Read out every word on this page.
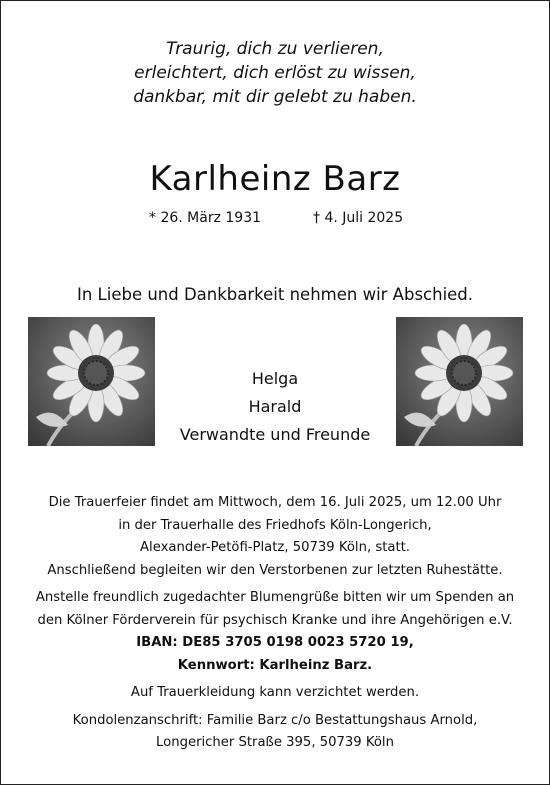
Traurig, dich zu verlieren,
erleichtert, dich erlöst zu wissen,
dankbar, mit dir gelebt zu haben.
Karlheinz Barz
* 26. März 1931	† 4. Juli 2025
In Liebe und Dankbarkeit nehmen wir Abschied.
Helga
Harald
Verwandte und Freunde
Die Trauerfeier findet am Mittwoch, dem 16. Juli 2025, um 12.00 Uhr
in der Trauerhalle des Friedhofs Köln-Longerich,
Alexander-Petöfi-Platz, 50739 Köln, statt.
Anschließend begleiten wir den Verstorbenen zur letzten Ruhestätte.
Anstelle freundlich zugedachter Blumengrüße bitten wir um Spenden an
den Kölner Förderverein für psychisch Kranke und ihre Angehörigen e.V.
IBAN: DE85 3705 0198 0023 5720 19,
Kennwort: Karlheinz Barz.
Auf Trauerkleidung kann verzichtet werden.
Kondolenzanschrift: Familie Barz c/o Bestattungshaus Arnold,
Longericher Straße 395, 50739 Köln
